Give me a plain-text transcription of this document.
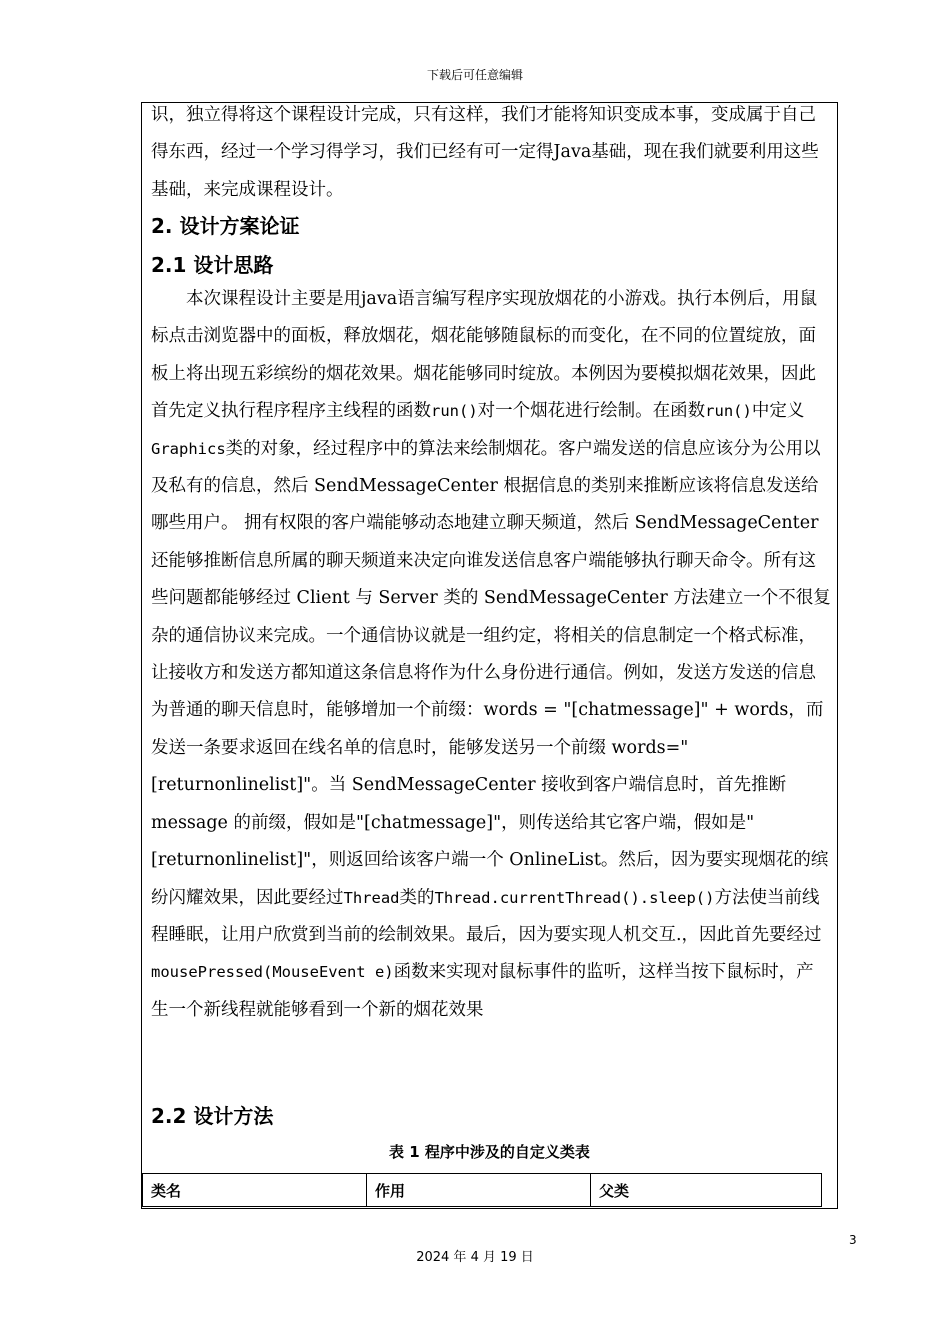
下载后可任意编辑

识，独立得将这个课程设计完成，只有这样，我们才能将知识变成本事，变成属于自己得东西，经过一个学习得学习，我们已经有可一定得Java基础，现在我们就要利用这些基础，来完成课程设计。

2. 设计方案论证
2.1 设计思路

本次课程设计主要是用java语言编写程序实现放烟花的小游戏。执行本例后，用鼠标点击浏览器中的面板，释放烟花，烟花能够随鼠标的而变化，在不同的位置绽放，面板上将出现五彩缤纷的烟花效果。烟花能够同时绽放。本例因为要模拟烟花效果，因此首先定义执行程序程序主线程的函数run()对一个烟花进行绘制。在函数run()中定义Graphics类的对象，经过程序中的算法来绘制烟花。客户端发送的信息应该分为公用以及私有的信息，然后 SendMessageCenter 根据信息的类别来推断应该将信息发送给哪些用户。 拥有权限的客户端能够动态地建立聊天频道，然后 SendMessageCenter 还能够推断信息所属的聊天频道来决定向谁发送信息客户端能够执行聊天命令。所有这些问题都能够经过 Client 与 Server 类的 SendMessageCenter 方法建立一个不很复杂的通信协议来完成。一个通信协议就是一组约定，将相关的信息制定一个格式标准，让接收方和发送方都知道这条信息将作为什么身份进行通信。例如，发送方发送的信息为普通的聊天信息时，能够增加一个前缀：words = "[chatmessage]" + words，而发送一条要求返回在线名单的信息时，能够发送另一个前缀 words="[returnonlinelist]"。当 SendMessageCenter 接收到客户端信息时，首先推断 message 的前缀，假如是"[chatmessage]"，则传送给其它客户端，假如是"[returnonlinelist]"，则返回给该客户端一个 OnlineList。然后，因为要实现烟花的缤纷闪耀效果，因此要经过Thread类的Thread.currentThread().sleep()方法使当前线程睡眠，让用户欣赏到当前的绘制效果。最后，因为要实现人机交互.，因此首先要经过mousePressed(MouseEvent e)函数来实现对鼠标事件的监听，这样当按下鼠标时，产生一个新线程就能够看到一个新的烟花效果

2.2 设计方法
表 1 程序中涉及的自定义类表
类名	作用	父类
3
2024 年 4 月 19 日
